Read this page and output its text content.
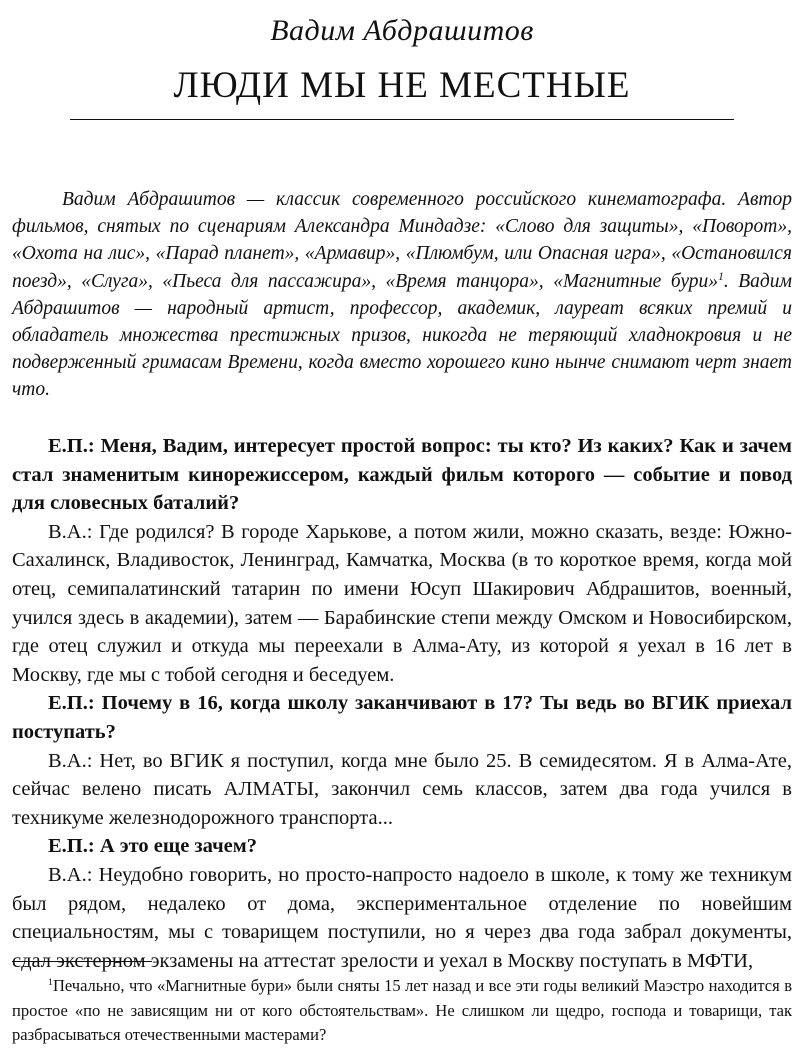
Вадим Абдрашитов
ЛЮДИ МЫ НЕ МЕСТНЫЕ

Вадим Абдрашитов — классик современного российского кинематографа. Автор фильмов, снятых по сценариям Александра Миндадзе: «Слово для защиты», «Поворот», «Охота на лис», «Парад планет», «Армавир», «Плюмбум, или Опасная игра», «Остановился поезд», «Слуга», «Пьеса для пассажира», «Время танцора», «Магнитные бури»$^1$. Вадим Абдрашитов — народный артист, профессор, академик, лауреат всяких премий и обладатель множества престижных призов, никогда не теряющий хладнокровия и не подверженный гримасам Времени, когда вместо хорошего кино нынче снимают черт знает что.

Е.П.: Меня, Вадим, интересует простой вопрос: ты кто? Из каких? Как и зачем стал знаменитым кинорежиссером, каждый фильм которого — событие и повод для словесных баталий?

В.А.: Где родился? В городе Харькове, а потом жили, можно сказать, везде: Южно-Сахалинск, Владивосток, Ленинград, Камчатка, Москва (в то короткое время, когда мой отец, семипалатинский татарин по имени Юсуп Шакирович Абдрашитов, военный, учился здесь в академии), затем — Барабинские степи между Омском и Новосибирском, где отец служил и откуда мы переехали в Алма-Ату, из которой я уехал в 16 лет в Москву, где мы с тобой сегодня и беседуем.

Е.П.: Почему в 16, когда школу заканчивают в 17? Ты ведь во ВГИК приехал поступать?

В.А.: Нет, во ВГИК я поступил, когда мне было 25. В семидесятом. Я в Алма-Ате, сейчас велено писать АЛМАТЫ, закончил семь классов, затем два года учился в техникуме железнодорожного транспорта...

Е.П.: А это еще зачем?

В.А.: Неудобно говорить, но просто-напросто надоело в школе, к тому же техникум был рядом, недалеко от дома, экспериментальное отделение по новейшим специальностям, мы с товарищем поступили, но я через два года забрал документы, сдал экстерном экзамены на аттестат зрелости и уехал в Москву поступать в МФТИ,

$^1$Печально, что «Магнитные бури» были сняты 15 лет назад и все эти годы великий Маэстро находится в простое «по не зависящим ни от кого обстоятельствам». Не слишком ли щедро, господа и товарищи, так разбрасываться отечественными мастерами?
